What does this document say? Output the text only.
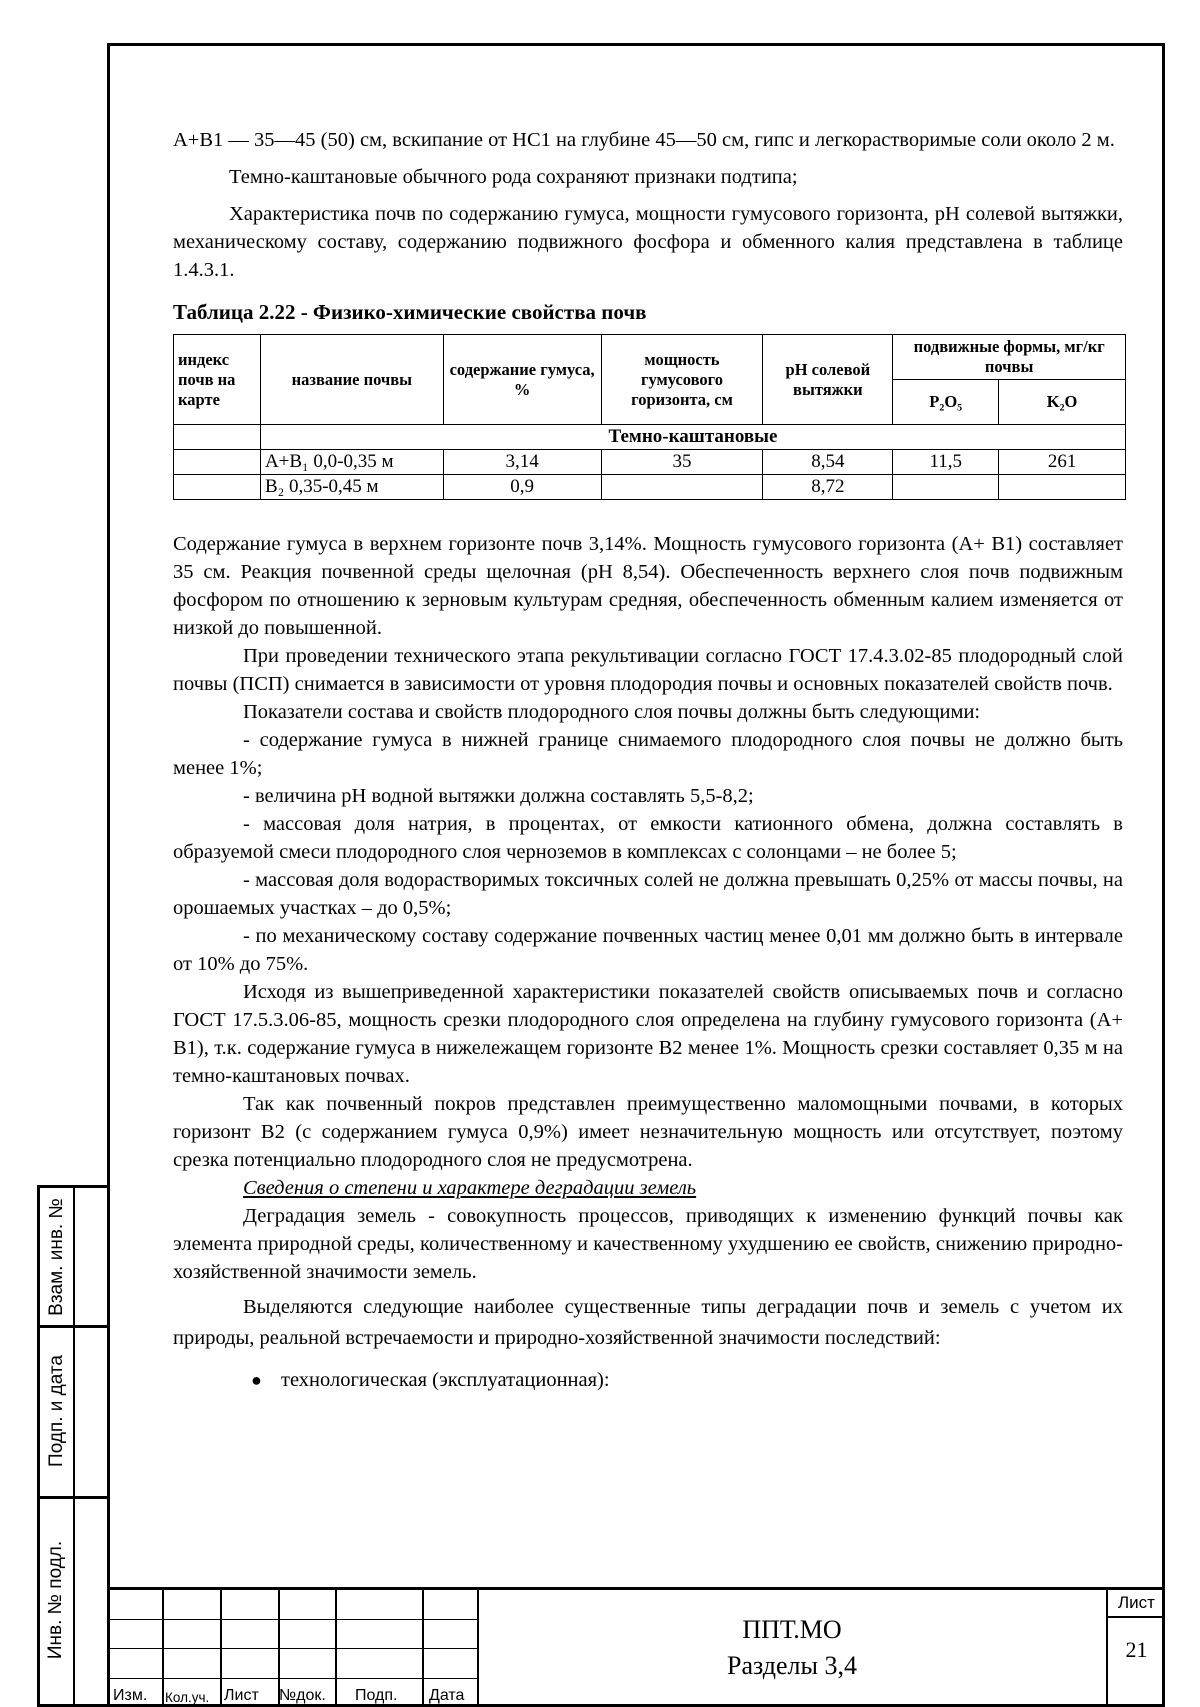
Взам. инв. №
Подп. и дата
Инв. № подл.

A+B1 — 35—45 (50) см, вскипание от HC1 на глубине 45—50 см, гипс и легкорастворимые соли около 2 м.

Темно-каштановые обычного рода сохраняют признаки подтипа;

Характеристика почв по содержанию гумуса, мощности гумусового горизонта, pH солевой вытяжки, механическому составу, содержанию подвижного фосфора и обменного калия представлена в таблице 1.4.3.1.

Таблица 2.22 - Физико-химические свойства почв
индекс почв на карте	название почвы	содержание гумуса, %	мощность гумусового горизонта, см	pH солевой вытяжки	подвижные формы, мг/кг почвы	
					P₂O₅	K₂O
	Темно-каштановые					
	A+B₁ 0,0-0,35 м	3,14	35	8,54	11,5	261
	B₂ 0,35-0,45 м	0,9		8,72		

Содержание гумуса в верхнем горизонте почв 3,14%. Мощность гумусового горизонта (A+ B1) составляет 35 см. Реакция почвенной среды щелочная (pH 8,54). Обеспеченность верхнего слоя почв подвижным фосфором по отношению к зерновым культурам средняя, обеспеченность обменным калием изменяется от низкой до повышенной.

При проведении технического этапа рекультивации согласно ГОСТ 17.4.3.02-85 плодородный слой почвы (ПСП) снимается в зависимости от уровня плодородия почвы и основных показателей свойств почв.

Показатели состава и свойств плодородного слоя почвы должны быть следующими:

- содержание гумуса в нижней границе снимаемого плодородного слоя почвы не должно быть менее 1%;

- величина pH водной вытяжки должна составлять 5,5-8,2;

- массовая доля натрия, в процентах, от емкости катионного обмена, должна составлять в образуемой смеси плодородного слоя черноземов в комплексах с солонцами – не более 5;

- массовая доля водорастворимых токсичных солей не должна превышать 0,25% от массы почвы, на орошаемых участках – до 0,5%;

- по механическому составу содержание почвенных частиц менее 0,01 мм должно быть в интервале от 10% до 75%.

Исходя из вышеприведенной характеристики показателей свойств описываемых почв и согласно ГОСТ 17.5.3.06-85, мощность срезки плодородного слоя определена на глубину гумусового горизонта (A+ B1), т.к. содержание гумуса в нижележащем горизонте B2 менее 1%. Мощность срезки составляет 0,35 м на темно-каштановых почвах.

Так как почвенный покров представлен преимущественно маломощными почвами, в которых горизонт B2 (с содержанием гумуса 0,9%) имеет незначительную мощность или отсутствует, поэтому срезка потенциально плодородного слоя не предусмотрена.

Сведения о степени и характере деградации земель

Деградация земель - совокупность процессов, приводящих к изменению функций почвы как элемента природной среды, количественному и качественному ухудшению ее свойств, снижению природно-хозяйственной значимости земель.

Выделяются следующие наиболее существенные типы деградации почв и земель с учетом их природы, реальной встречаемости и природно-хозяйственной значимости последствий:

● технологическая (эксплуатационная):
Изм. Кол.уч. Лист №док. Подп. Дата
ППТ.МО
Разделы 3,4
Лист
21
